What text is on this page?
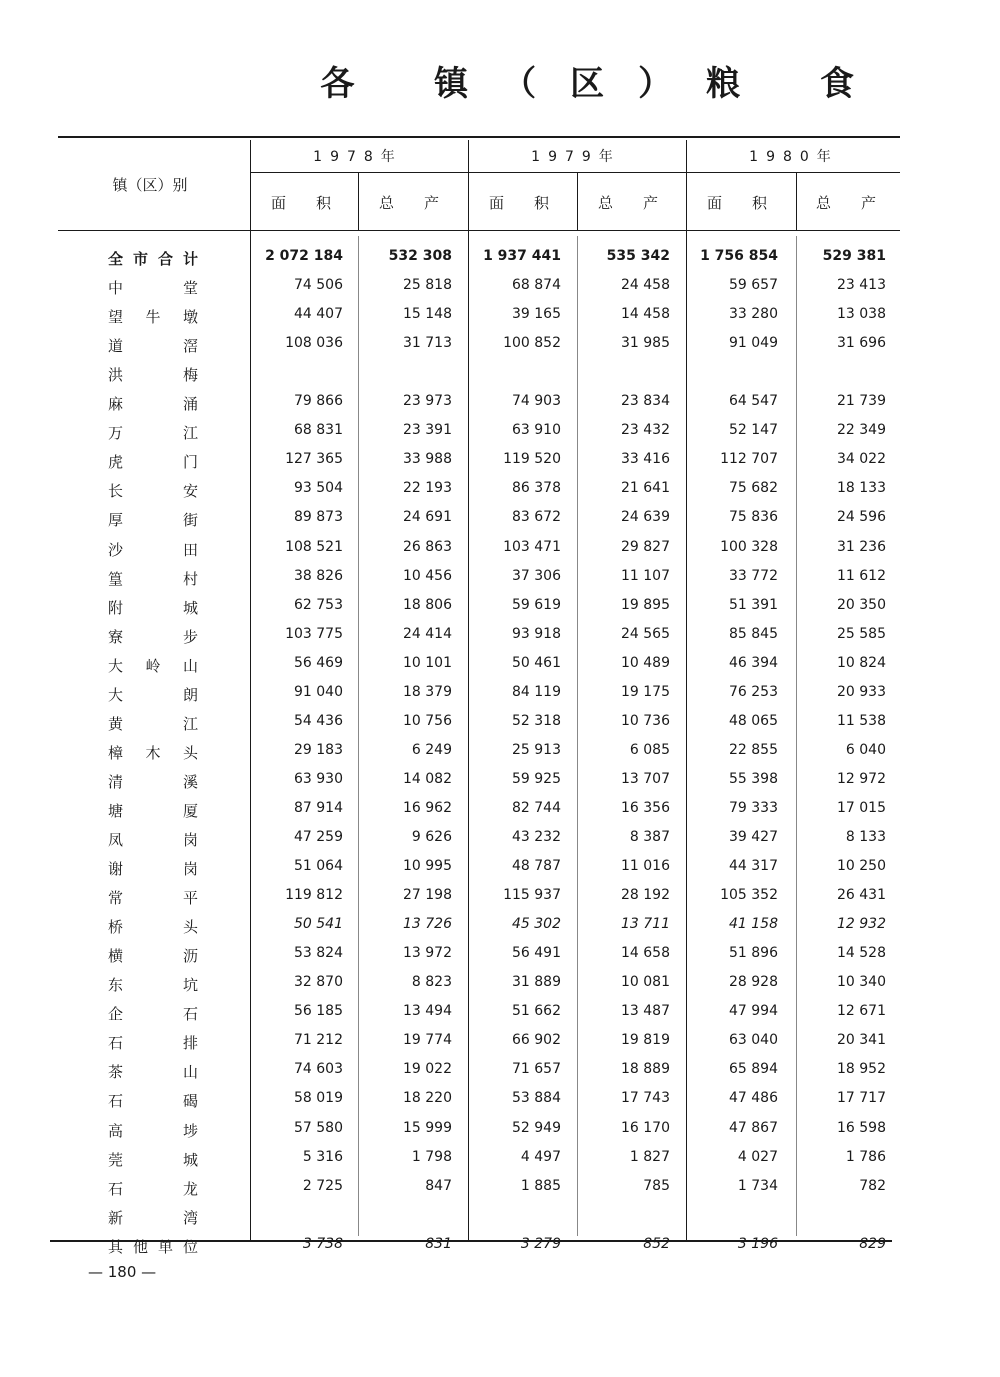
各 镇（区）粮 食
镇（区）别
1978年	1979年	1980年
面积	总产	面积	总产	面积	总产
全 市 合 计	2 072 184	532 308	1 937 441	535 342	1 756 854	529 381
中	堂	74 506	25 818	68 874	24 458	59 657	23 413
望 牛 墩	44 407	15 148	39 165	14 458	33 280	13 038
道	滘	108 036	31 713	100 852	31 985	91 049	31 696
洪	梅
麻	涌	79 866	23 973	74 903	23 834	64 547	21 739
万	江	68 831	23 391	63 910	23 432	52 147	22 349
虎	门	127 365	33 988	119 520	33 416	112 707	34 022
长	安	93 504	22 193	86 378	21 641	75 682	18 133
厚	街	89 873	24 691	83 672	24 639	75 836	24 596
沙	田	108 521	26 863	103 471	29 827	100 328	31 236
篁	村	38 826	10 456	37 306	11 107	33 772	11 612
附	城	62 753	18 806	59 619	19 895	51 391	20 350
寮	步	103 775	24 414	93 918	24 565	85 845	25 585
大 岭 山	56 469	10 101	50 461	10 489	46 394	10 824
大	朗	91 040	18 379	84 119	19 175	76 253	20 933
黄	江	54 436	10 756	52 318	10 736	48 065	11 538
樟 木 头	29 183	6 249	25 913	6 085	22 855	6 040
清	溪	63 930	14 082	59 925	13 707	55 398	12 972
塘	厦	87 914	16 962	82 744	16 356	79 333	17 015
凤	岗	47 259	9 626	43 232	8 387	39 427	8 133
谢	岗	51 064	10 995	48 787	11 016	44 317	10 250
常	平	119 812	27 198	115 937	28 192	105 352	26 431
桥	头	50 541	13 726	45 302	13 711	41 158	12 932
横	沥	53 824	13 972	56 491	14 658	51 896	14 528
东	坑	32 870	8 823	31 889	10 081	28 928	10 340
企	石	56 185	13 494	51 662	13 487	47 994	12 671
石	排	71 212	19 774	66 902	19 819	63 040	20 341
茶	山	74 603	19 022	71 657	18 889	65 894	18 952
石	碣	58 019	18 220	53 884	17 743	47 486	17 717
高	埗	57 580	15 999	52 949	16 170	47 867	16 598
莞	城	5 316	1 798	4 497	1 827	4 027	1 786
石	龙	2 725	847	1 885	785	1 734	782
新	湾
其 他 单 位	3 738	831	3 279	852	3 196	829
— 180 —
